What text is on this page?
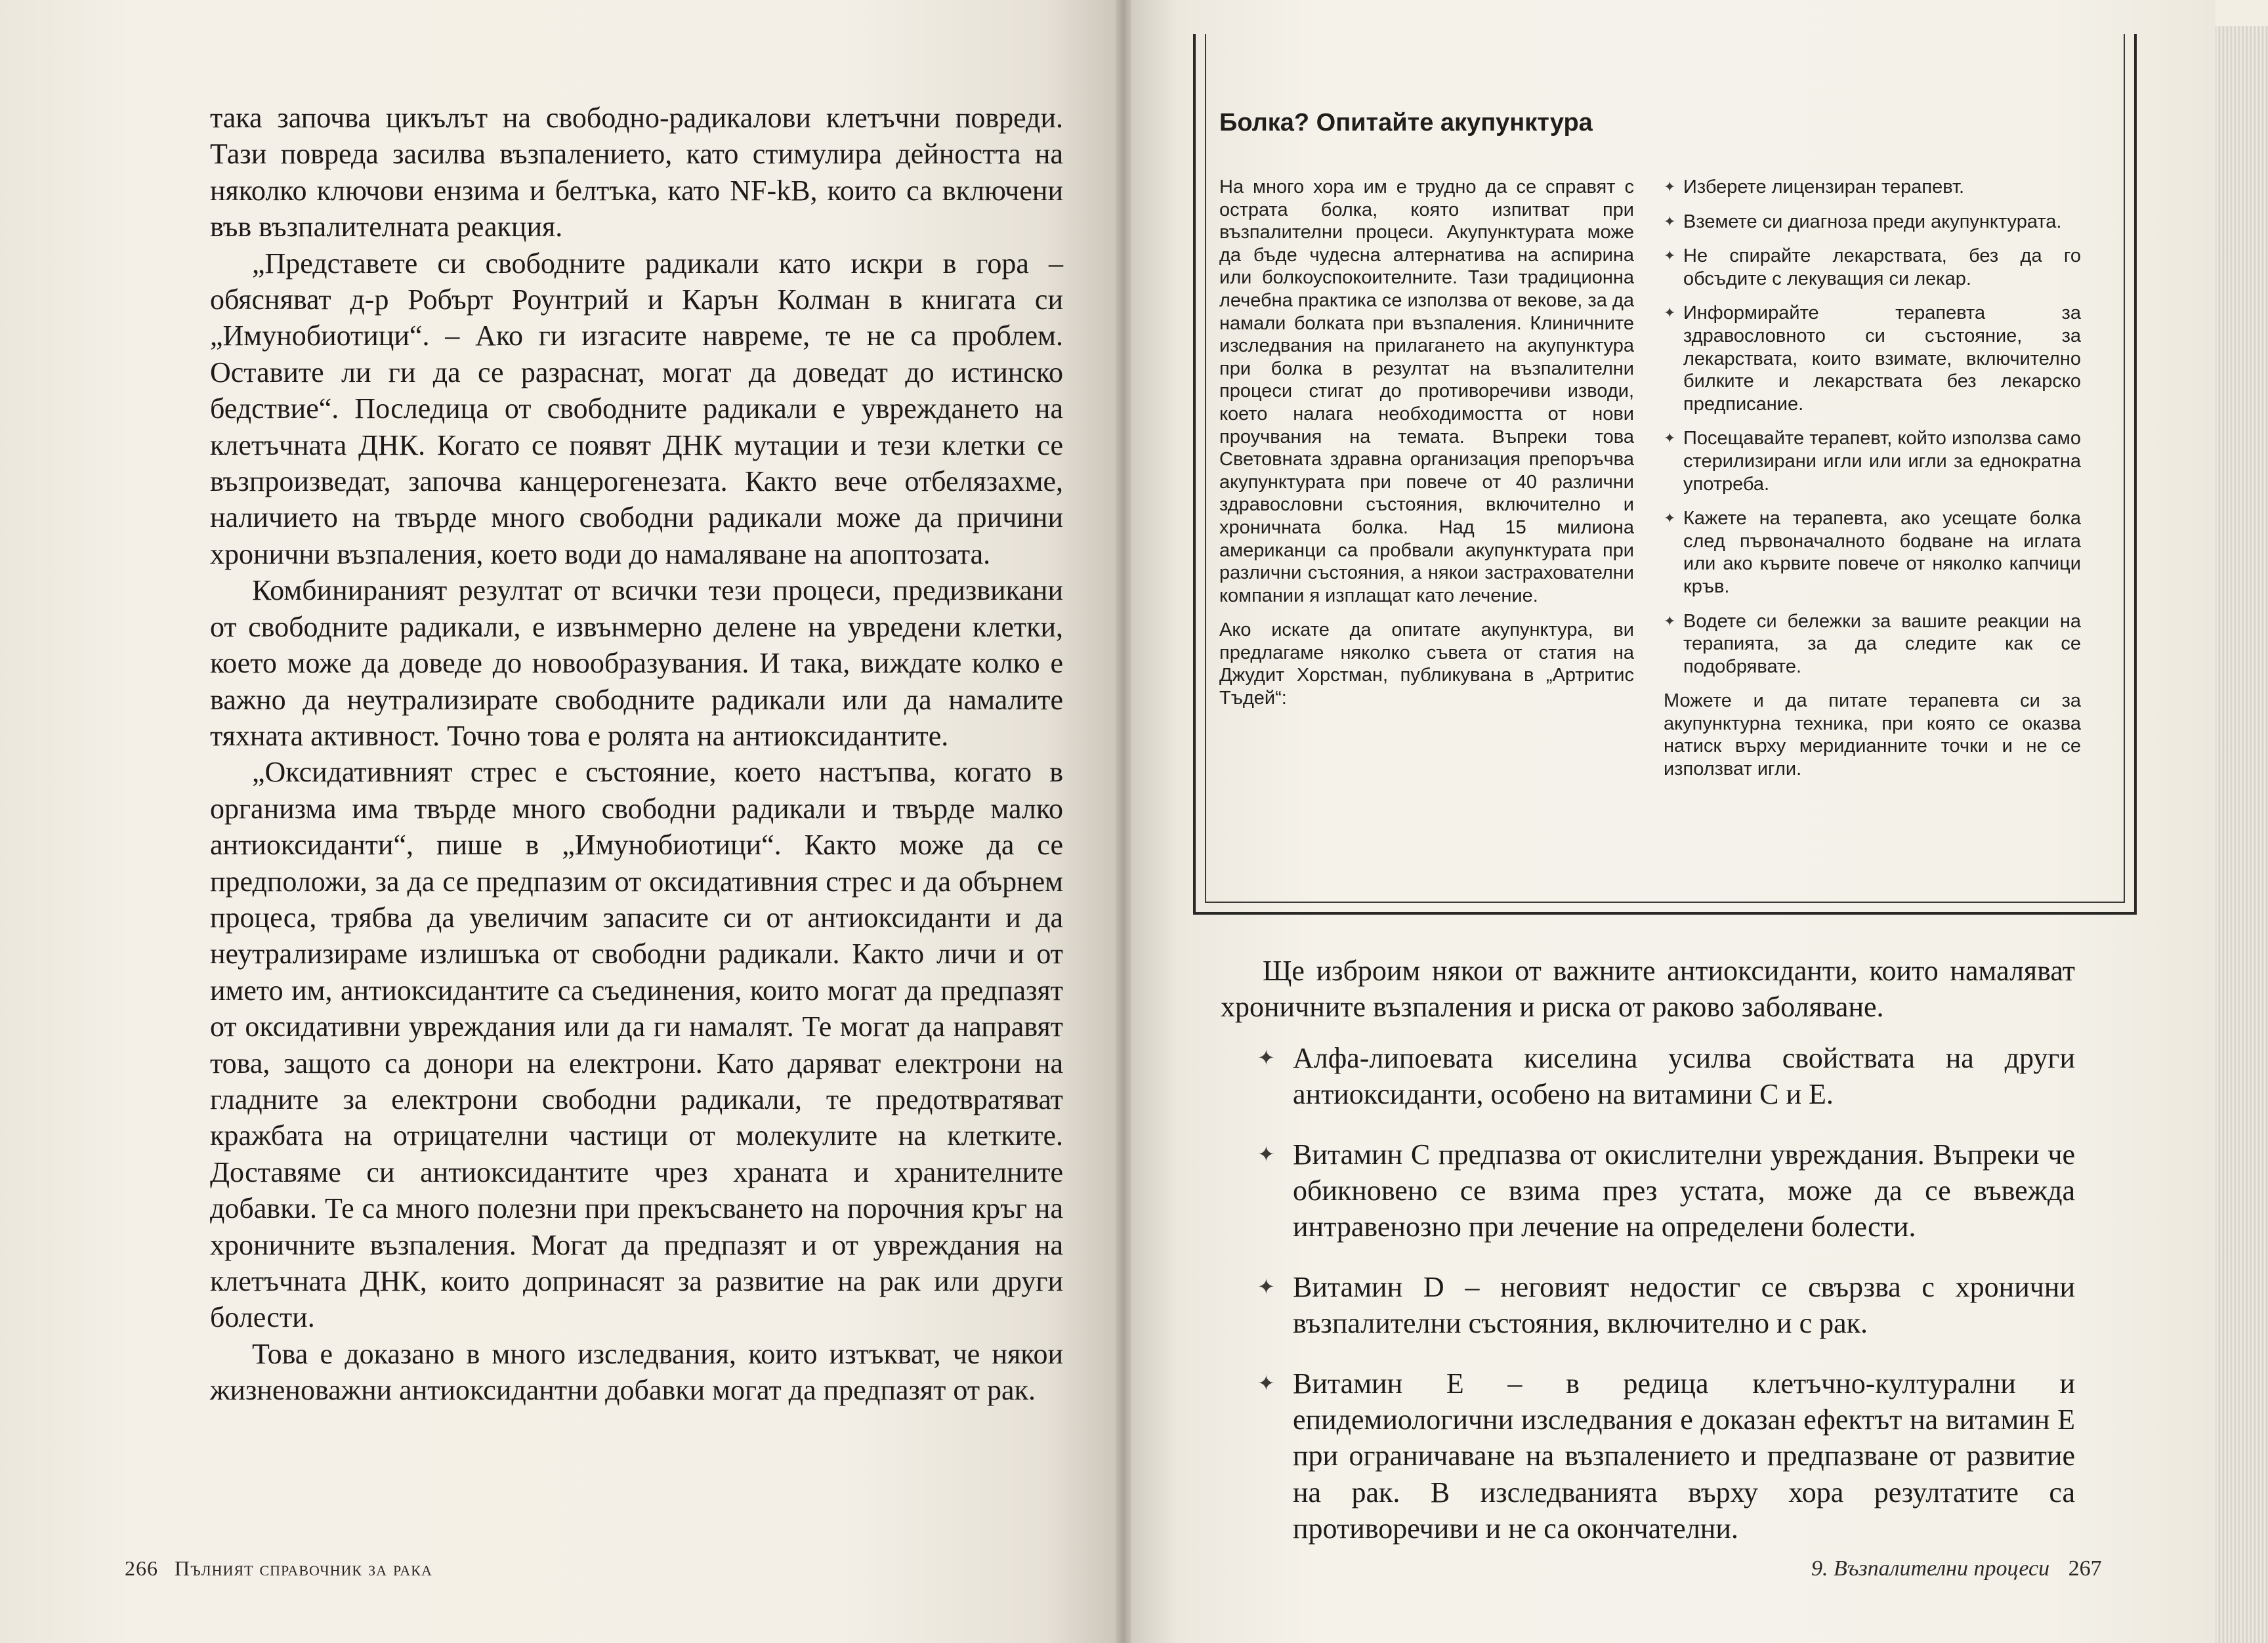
така започва цикълът на свободно-радикалови клетъчни повреди. Тази повреда засилва възпалението, като стимулира дейността на няколко ключови ензима и белтъка, като NF-kB, които са включени във възпалителната реакция.

„Представете си свободните радикали като искри в гора – обясняват д-р Робърт Роунтрий и Карън Колман в книгата си „Имунобиотици“. – Ако ги изгасите навреме, те не са проблем. Оставите ли ги да се разраснат, могат да доведат до истинско бедствие“. Последица от свободните радикали е увреждането на клетъчната ДНК. Когато се появят ДНК мутации и тези клетки се възпроизведат, започва канцерогенезата. Както вече отбелязахме, наличието на твърде много свободни радикали може да причини хронични възпаления, което води до намаляване на апоптозата.

Комбинираният резултат от всички тези процеси, предизвикани от свободните радикали, е извънмерно делене на увредени клетки, което може да доведе до новообразувания. И така, виждате колко е важно да неутрализирате свободните радикали или да намалите тяхната активност. Точно това е ролята на антиоксидантите.

„Оксидативният стрес е състояние, което настъпва, когато в организма има твърде много свободни радикали и твърде малко антиоксиданти“, пише в „Имунобиотици“. Както може да се предположи, за да се предпазим от оксидативния стрес и да обърнем процеса, трябва да увеличим запасите си от антиоксиданти и да неутрализираме излишъка от свободни радикали. Както личи и от името им, антиоксидантите са съединения, които могат да предпазят от оксидативни увреждания или да ги намалят. Те могат да направят това, защото са донори на електрони. Като даряват електрони на гладните за електрони свободни радикали, те предотвратяват кражбата на отрицателни частици от молекулите на клетките. Доставяме си антиоксидантите чрез храната и хранителните добавки. Те са много полезни при прекъсването на порочния кръг на хроничните възпаления. Могат да предпазят и от увреждания на клетъчната ДНК, които допринасят за развитие на рак или други болести.

Това е доказано в много изследвания, които изтъкват, че някои жизненоважни антиоксидантни добавки могат да предпазят от рак.

266 Пълният справочник за рака
Болка? Опитайте акупунктура

На много хора им е трудно да се справят с острата болка, която изпитват при възпалителни процеси. Акупунктурата може да бъде чудесна алтернатива на аспирина или болкоуспокоителните. Тази традиционна лечебна практика се използва от векове, за да намали болката при възпаления. Клиничните изследвания на прилагането на акупунктура при болка в резултат на възпалителни процеси стигат до противоречиви изводи, което налага необходимостта от нови проучвания на темата. Въпреки това Световната здравна организация препоръчва акупунктурата при повече от 40 различни здравословни състояния, включително и хроничната болка. Над 15 милиона американци са пробвали акупунктурата при различни състояния, а някои застрахователни компании я изплащат като лечение.

Ако искате да опитате акупунктура, ви предлагаме няколко съвета от статия на Джудит Хорстман, публикувана в „Артритис Тъдей“:

✦ Изберете лицензиран терапевт.
✦ Вземете си диагноза преди акупунктурата.
✦ Не спирайте лекарствата, без да го обсъдите с лекуващия си лекар.
✦ Информирайте терапевта за здравословното си състояние, за лекарствата, които взимате, включително билките и лекарствата без лекарско предписание.
✦ Посещавайте терапевт, който използва само стерилизирани игли или игли за еднократна употреба.
✦ Кажете на терапевта, ако усещате болка след първоначалното бодване на иглата или ако кървите повече от няколко капчици кръв.
✦ Водете си бележки за вашите реакции на терапията, за да следите как се подобрявате.

Можете и да питате терапевта си за акупунктурна техника, при която се оказва натиск върху меридианните точки и не се използват игли.

Ще изброим някои от важните антиоксиданти, които намаляват хроничните възпаления и риска от раково заболяване.

✦ Алфа-липоевата киселина усилва свойствата на други антиоксиданти, особено на витамини С и Е.
✦ Витамин С предпазва от окислителни увреждания. Въпреки че обикновено се взима през устата, може да се въвежда интравенозно при лечение на определени болести.
✦ Витамин D – неговият недостиг се свързва с хронични възпалителни състояния, включително и с рак.
✦ Витамин Е – в редица клетъчно-културални и епидемиологични изследвания е доказан ефектът на витамин Е при ограничаване на възпалението и предпазване от развитие на рак. В изследванията върху хора резултатите са противоречиви и не са окончателни.
9. Възпалителни процеси 267
